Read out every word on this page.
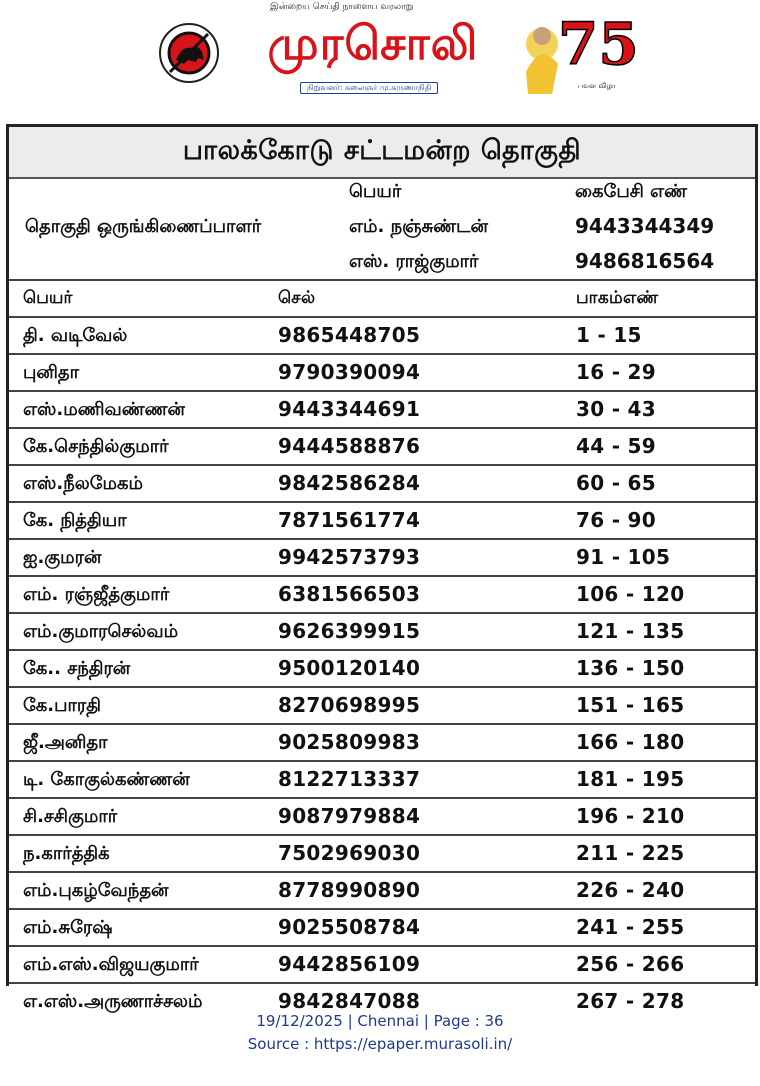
இன்றைய செய்தி நாளைய வரலாறு
முரசொலி
நிறுவனர்: கலைஞர் மு.கருணாநிதி
75
பவள விழா
பாலக்கோடு சட்டமன்ற தொகுதி
பெயர்	கைபேசி எண்
தொகுதி ஒருங்கிணைப்பாளர்	எம். நஞ்சுண்டன்	9443344349
எஸ். ராஜ்குமார்	9486816564
பெயர்	செல்	பாகம்எண்
தி. வடிவேல்	9865448705	1 - 15
புனிதா	9790390094	16 - 29
எஸ்.மணிவண்ணன்	9443344691	30 - 43
கே.செந்தில்குமார்	9444588876	44 - 59
எஸ்.நீலமேகம்	9842586284	60 - 65
கே. நித்தியா	7871561774	76 - 90
ஐ.குமரன்	9942573793	91 - 105
எம். ரஞ்ஜீத்குமார்	6381566503	106 - 120
எம்.குமாரசெல்வம்	9626399915	121 - 135
கே.. சந்திரன்	9500120140	136 - 150
கே.பாரதி	8270698995	151 - 165
ஜீ.அனிதா	9025809983	166 - 180
டி. கோகுல்கண்ணன்	8122713337	181 - 195
சி.சசிகுமார்	9087979884	196 - 210
ந.கார்த்திக்	7502969030	211 - 225
எம்.புகழ்வேந்தன்	8778990890	226 - 240
எம்.சுரேஷ்	9025508784	241 - 255
எம்.எஸ்.விஜயகுமார்	9442856109	256 - 266
எ.எஸ்.அருணாச்சலம்	9842847088	267 - 278
19/12/2025 | Chennai | Page : 36
Source : https://epaper.murasoli.in/
